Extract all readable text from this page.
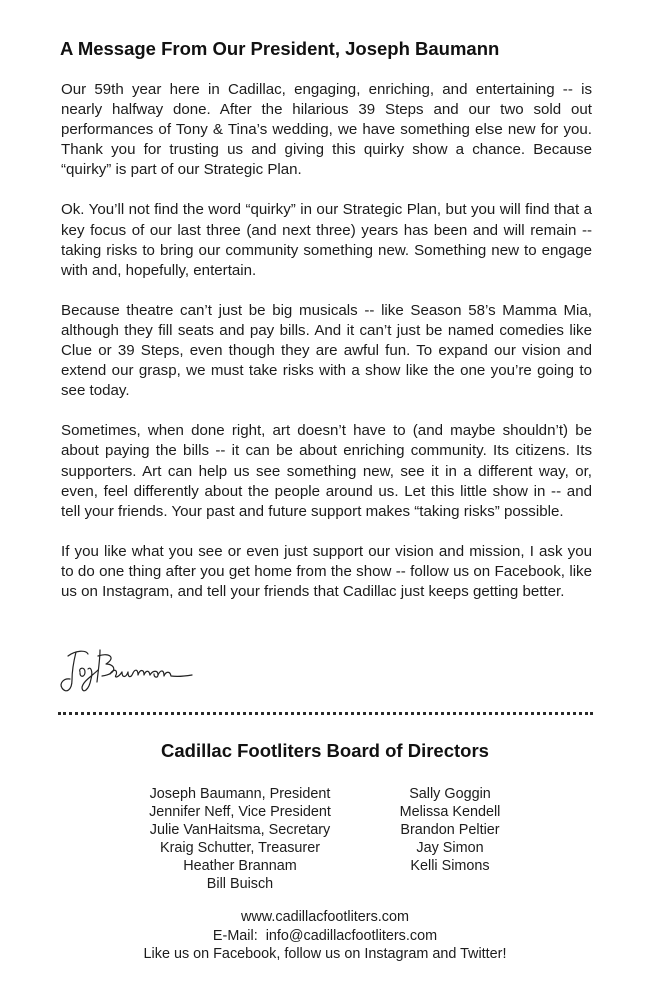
A Message From Our President, Joseph Baumann

Our 59th year here in Cadillac, engaging, enriching, and entertaining -- is nearly halfway done. After the hilarious 39 Steps and our two sold out performances of Tony & Tina’s wedding, we have something else new for you. Thank you for trusting us and giving this quirky show a chance. Because “quirky” is part of our Strategic Plan.

Ok. You’ll not find the word “quirky” in our Strategic Plan, but you will find that a key focus of our last three (and next three) years has been and will remain -- taking risks to bring our community something new. Something new to engage with and, hopefully, entertain.

Because theatre can’t just be big musicals -- like Season 58’s Mamma Mia, although they fill seats and pay bills. And it can’t just be named comedies like Clue or 39 Steps, even though they are awful fun. To expand our vision and extend our grasp, we must take risks with a show like the one you’re going to see today.

Sometimes, when done right, art doesn’t have to (and maybe shouldn’t) be about paying the bills -- it can be about enriching community. Its citizens. Its supporters. Art can help us see something new, see it in a different way, or, even, feel differently about the people around us. Let this little show in -- and tell your friends. Your past and future support makes “taking risks” possible.

If you like what you see or even just support our vision and mission, I ask you to do one thing after you get home from the show -- follow us on Facebook, like us on Instagram, and tell your friends that Cadillac just keeps getting better.

Cadillac Footliters Board of Directors
Joseph Baumann, President
Jennifer Neff, Vice President
Julie VanHaitsma, Secretary
Kraig Schutter, Treasurer
Heather Brannam
Bill Buisch
Sally Goggin
Melissa Kendell
Brandon Peltier
Jay Simon
Kelli Simons
www.cadillacfootliters.com
E-Mail:  info@cadillacfootliters.com
Like us on Facebook, follow us on Instagram and Twitter!
